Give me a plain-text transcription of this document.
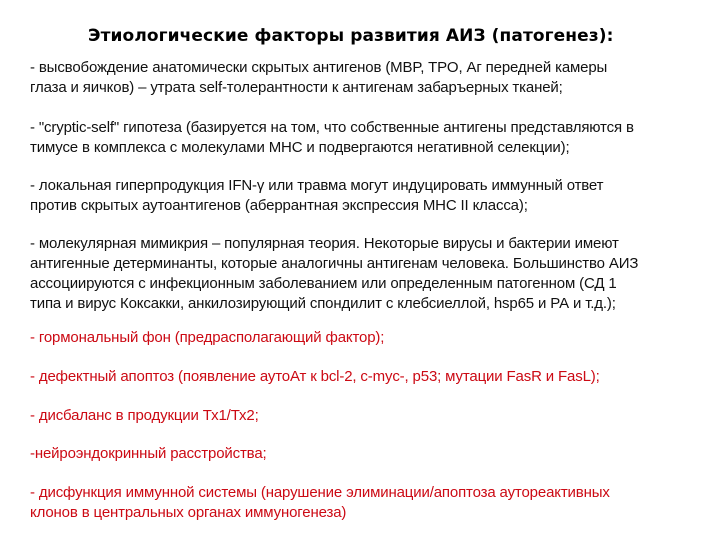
Этиологические факторы развития АИЗ (патогенез):
- высвобождение анатомически скрытых антигенов (MBP, TPO, Аг передней камеры
глаза и яичков) – утрата self-толерантности к антигенам забаръерных тканей;
- "cryptic-self" гипотеза (базируется на том, что собственные антигены представляются в
тимусе в комплекса с молекулами МНС и подвергаются негативной селекции);
- локальная гиперпродукция IFN-γ или травма могут индуцировать иммунный ответ
против скрытых аутоантигенов (аберрантная экспрессия МНС II класса);
- молекулярная мимикрия – популярная теория. Некоторые вирусы и бактерии имеют
антигенные детерминанты, которые аналогичны антигенам человека. Большинство АИЗ
ассоциируются с инфекционным заболеванием или определенным патогенном (СД 1
типа и вирус Коксакки, анкилозирующий спондилит с клебсиеллой, hsp65 и РА и т.д.);
- гормональный фон (предрасполагающий фактор);
- дефектный апоптоз (появление аутоАт к bcl-2, c-myc-, p53; мутации FasR и FasL);
- дисбаланс в продукции Тх1/Тх2;
-нейроэндокринный расстройства;
- дисфункция иммунной системы (нарушение элиминации/апоптоза аутореактивных
клонов в центральных органах иммуногенеза)
